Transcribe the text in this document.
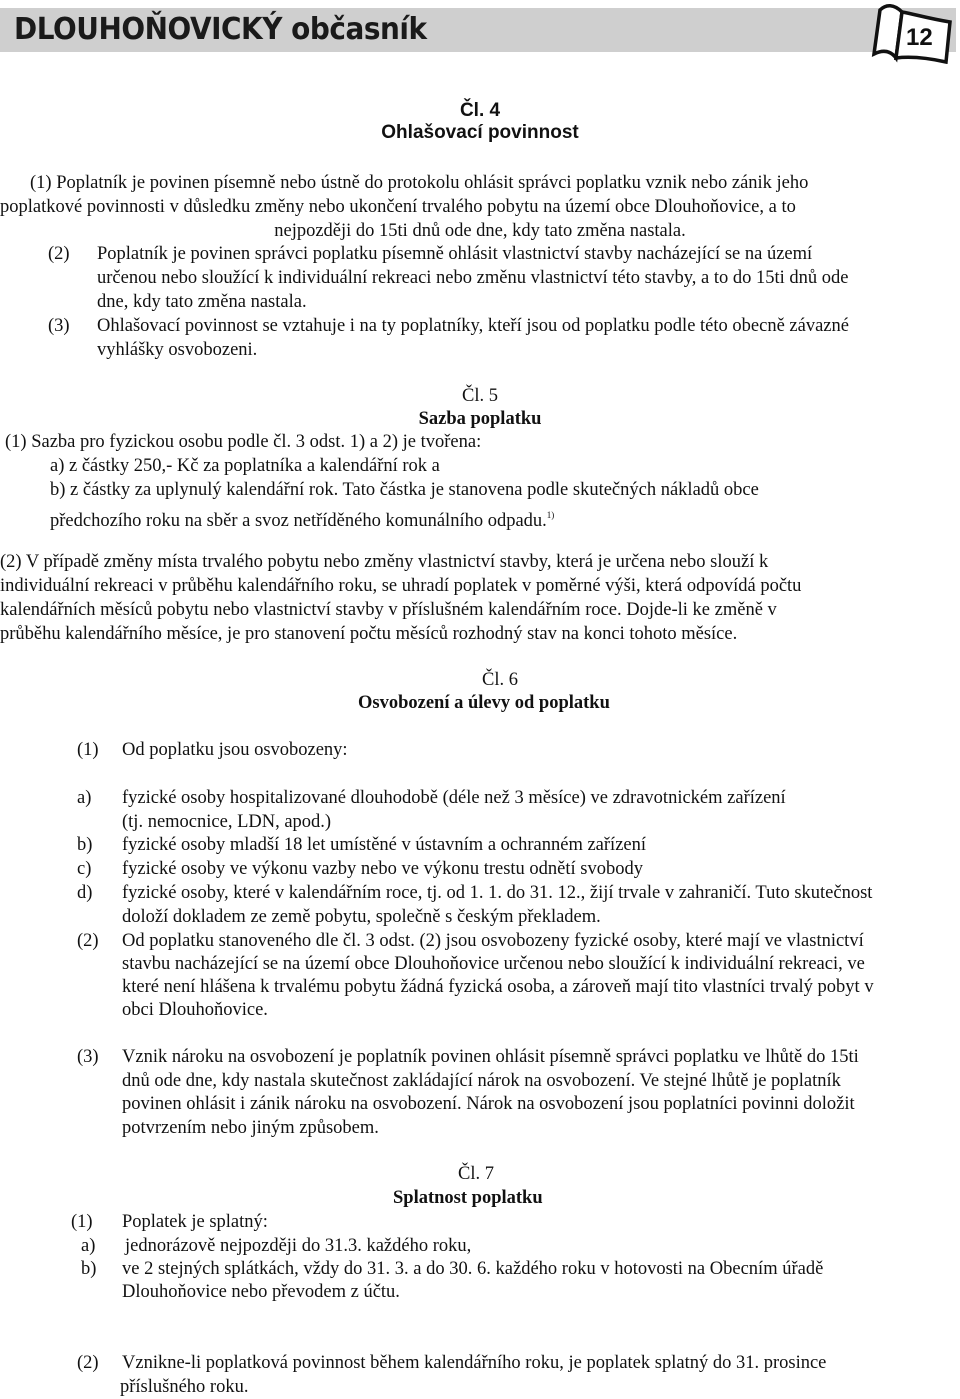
DLOUHOŇOVICKÝ občasník	12
Čl. 4
Ohlašovací povinnost
(1) Poplatník je povinen písemně nebo ústně do protokolu ohlásit správci poplatku vznik nebo zánik jeho
poplatkové povinnosti v důsledku změny nebo ukončení trvalého pobytu na území obce Dlouhoňovice, a to
nejpozději do 15ti dnů ode dne, kdy tato změna nastala.
(2) Poplatník je povinen správci poplatku písemně ohlásit vlastnictví stavby nacházející se na území
určenou nebo sloužící k individuální rekreaci nebo změnu vlastnictví této stavby, a to do 15ti dnů ode
dne, kdy tato změna nastala.
(3) Ohlašovací povinnost se vztahuje i na ty poplatníky, kteří jsou od poplatku podle této obecně závazné
vyhlášky osvobozeni.
Čl. 5
Sazba poplatku
(1) Sazba pro fyzickou osobu podle čl. 3 odst. 1) a 2) je tvořena:
a) z částky 250,- Kč za poplatníka a kalendářní rok a
b) z částky za uplynulý kalendářní rok. Tato částka je stanovena podle skutečných nákladů obce
předchozího roku na sběr a svoz netříděného komunálního odpadu.$^{1)}$
(2) V případě změny místa trvalého pobytu nebo změny vlastnictví stavby, která je určena nebo slouží k
individuální rekreaci v průběhu kalendářního roku, se uhradí poplatek v poměrné výši, která odpovídá počtu
kalendářních měsíců pobytu nebo vlastnictví stavby v příslušném kalendářním roce. Dojde-li ke změně v
průběhu kalendářního měsíce, je pro stanovení počtu měsíců rozhodný stav na konci tohoto měsíce.
Čl. 6
Osvobození a úlevy od poplatku
(1) Od poplatku jsou osvobozeny:
a) fyzické osoby hospitalizované dlouhodobě (déle než 3 měsíce) ve zdravotnickém zařízení
(tj. nemocnice, LDN, apod.)
b) fyzické osoby mladší 18 let umístěné v ústavním a ochranném zařízení
c) fyzické osoby ve výkonu vazby nebo ve výkonu trestu odnětí svobody
d) fyzické osoby, které v kalendářním roce, tj. od 1. 1. do 31. 12., žijí trvale v zahraničí. Tuto skutečnost
doloží dokladem ze země pobytu, společně s českým překladem.
(2) Od poplatku stanoveného dle čl. 3 odst. (2) jsou osvobozeny fyzické osoby, které mají ve vlastnictví
stavbu nacházející se na území obce Dlouhoňovice určenou nebo sloužící k individuální rekreaci, ve
které není hlášena k trvalému pobytu žádná fyzická osoba, a zároveň mají tito vlastníci trvalý pobyt v
obci Dlouhoňovice.
(3) Vznik nároku na osvobození je poplatník povinen ohlásit písemně správci poplatku ve lhůtě do 15ti
dnů ode dne, kdy nastala skutečnost zakládající nárok na osvobození. Ve stejné lhůtě je poplatník
povinen ohlásit i zánik nároku na osvobození. Nárok na osvobození jsou poplatníci povinni doložit
potvrzením nebo jiným způsobem.
Čl. 7
Splatnost poplatku
(1) Poplatek je splatný:
a) jednorázově nejpozději do 31.3. každého roku,
b) ve 2 stejných splátkách, vždy do 31. 3. a do 30. 6. každého roku v hotovosti na Obecním úřadě
Dlouhoňovice nebo převodem z účtu.
(2) Vznikne-li poplatková povinnost během kalendářního roku, je poplatek splatný do 31. prosince
příslušného roku.
